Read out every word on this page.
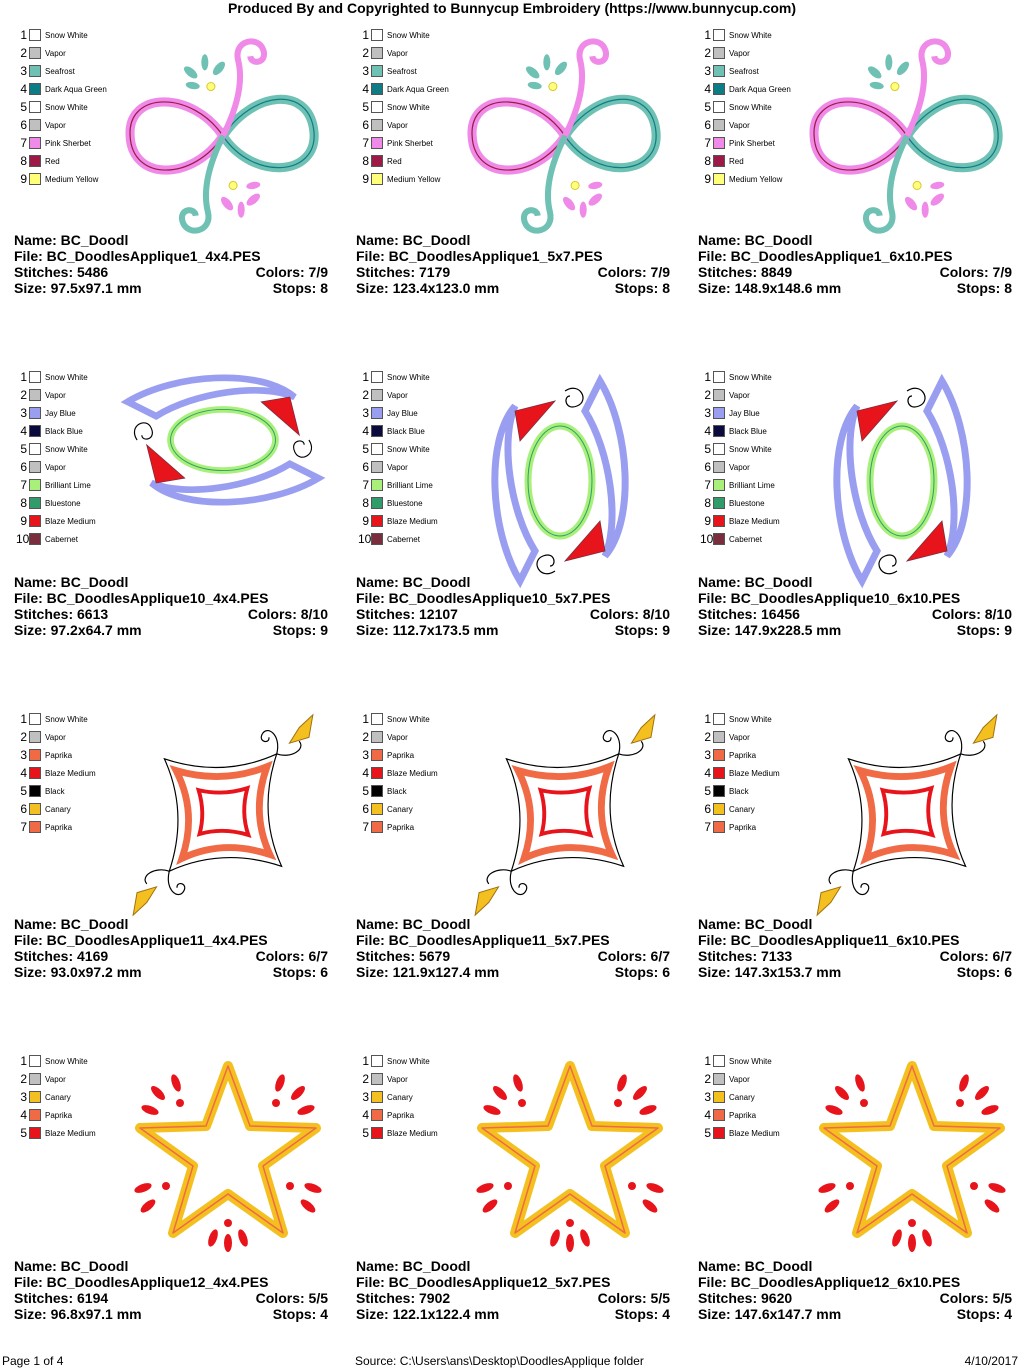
Produced By and Copyrighted to Bunnycup Embroidery (https://www.bunnycup.com)
1 Snow White
2 Vapor
3 Seafrost
4 Dark Aqua Green
5 Snow White
6 Vapor
7 Pink Sherbet
8 Red
9 Medium Yellow
Name: BC_Doodl
File: BC_DoodlesApplique1_4x4.PES
Stitches: 5486	Colors: 7/9
Size: 97.5x97.1 mm	Stops: 8
1 Snow White
2 Vapor
3 Seafrost
4 Dark Aqua Green
5 Snow White
6 Vapor
7 Pink Sherbet
8 Red
9 Medium Yellow
Name: BC_Doodl
File: BC_DoodlesApplique1_5x7.PES
Stitches: 7179	Colors: 7/9
Size: 123.4x123.0 mm	Stops: 8
1 Snow White
2 Vapor
3 Seafrost
4 Dark Aqua Green
5 Snow White
6 Vapor
7 Pink Sherbet
8 Red
9 Medium Yellow
Name: BC_Doodl
File: BC_DoodlesApplique1_6x10.PES
Stitches: 8849	Colors: 7/9
Size: 148.9x148.6 mm	Stops: 8
1 Snow White
2 Vapor
3 Jay Blue
4 Black Blue
5 Snow White
6 Vapor
7 Brilliant Lime
8 Bluestone
9 Blaze Medium
10 Cabernet
Name: BC_Doodl
File: BC_DoodlesApplique10_4x4.PES
Stitches: 6613	Colors: 8/10
Size: 97.2x64.7 mm	Stops: 9
1 Snow White
2 Vapor
3 Jay Blue
4 Black Blue
5 Snow White
6 Vapor
7 Brilliant Lime
8 Bluestone
9 Blaze Medium
10 Cabernet
Name: BC_Doodl
File: BC_DoodlesApplique10_5x7.PES
Stitches: 12107	Colors: 8/10
Size: 112.7x173.5 mm	Stops: 9
1 Snow White
2 Vapor
3 Jay Blue
4 Black Blue
5 Snow White
6 Vapor
7 Brilliant Lime
8 Bluestone
9 Blaze Medium
10 Cabernet
Name: BC_Doodl
File: BC_DoodlesApplique10_6x10.PES
Stitches: 16456	Colors: 8/10
Size: 147.9x228.5 mm	Stops: 9
1 Snow White
2 Vapor
3 Paprika
4 Blaze Medium
5 Black
6 Canary
7 Paprika
Name: BC_Doodl
File: BC_DoodlesApplique11_4x4.PES
Stitches: 4169	Colors: 6/7
Size: 93.0x97.2 mm	Stops: 6
1 Snow White
2 Vapor
3 Paprika
4 Blaze Medium
5 Black
6 Canary
7 Paprika
Name: BC_Doodl
File: BC_DoodlesApplique11_5x7.PES
Stitches: 5679	Colors: 6/7
Size: 121.9x127.4 mm	Stops: 6
1 Snow White
2 Vapor
3 Paprika
4 Blaze Medium
5 Black
6 Canary
7 Paprika
Name: BC_Doodl
File: BC_DoodlesApplique11_6x10.PES
Stitches: 7133	Colors: 6/7
Size: 147.3x153.7 mm	Stops: 6
1 Snow White
2 Vapor
3 Canary
4 Paprika
5 Blaze Medium
Name: BC_Doodl
File: BC_DoodlesApplique12_4x4.PES
Stitches: 6194	Colors: 5/5
Size: 96.8x97.1 mm	Stops: 4
1 Snow White
2 Vapor
3 Canary
4 Paprika
5 Blaze Medium
Name: BC_Doodl
File: BC_DoodlesApplique12_5x7.PES
Stitches: 7902	Colors: 5/5
Size: 122.1x122.4 mm	Stops: 4
1 Snow White
2 Vapor
3 Canary
4 Paprika
5 Blaze Medium
Name: BC_Doodl
File: BC_DoodlesApplique12_6x10.PES
Stitches: 9620	Colors: 5/5
Size: 147.6x147.7 mm	Stops: 4
Page 1 of 4	Source: C:\Users\ans\Desktop\DoodlesApplique folder	4/10/2017
